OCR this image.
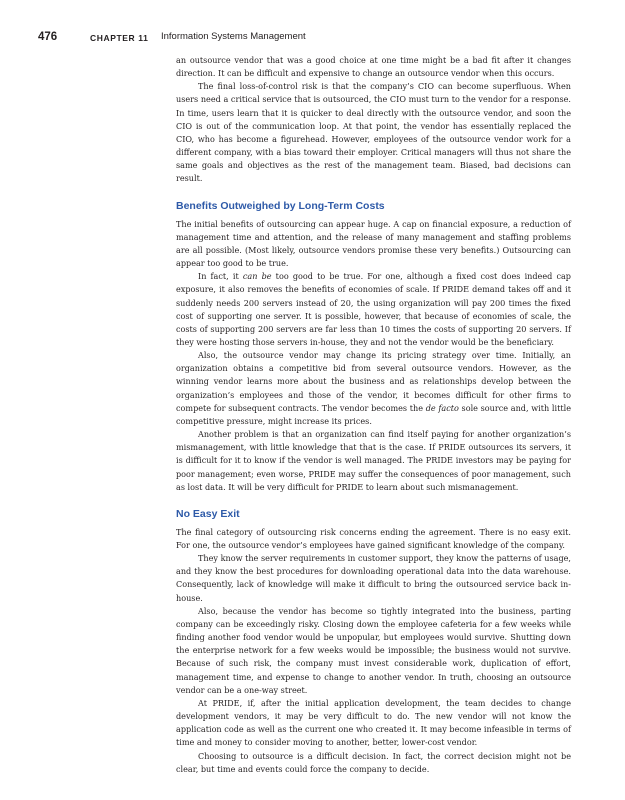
476	CHAPTER 11 Information Systems Management

an outsource vendor that was a good choice at one time might be a bad fit after it changes direction. It can be difficult and expensive to change an outsource vendor when this occurs.

The final loss-of-control risk is that the company’s CIO can become superfluous. When users need a critical service that is outsourced, the CIO must turn to the vendor for a response. In time, users learn that it is quicker to deal directly with the outsource vendor, and soon the CIO is out of the communication loop. At that point, the vendor has essentially replaced the CIO, who has become a figurehead. However, employees of the outsource vendor work for a different company, with a bias toward their employer. Critical managers will thus not share the same goals and objectives as the rest of the management team. Biased, bad decisions can result.

Benefits Outweighed by Long-Term Costs

The initial benefits of outsourcing can appear huge. A cap on financial exposure, a reduction of management time and attention, and the release of many management and staffing problems are all possible. (Most likely, outsource vendors promise these very benefits.) Outsourcing can appear too good to be true.

In fact, it can be too good to be true. For one, although a fixed cost does indeed cap exposure, it also removes the benefits of economies of scale. If PRIDE demand takes off and it suddenly needs 200 servers instead of 20, the using organization will pay 200 times the fixed cost of supporting one server. It is possible, however, that because of economies of scale, the costs of supporting 200 servers are far less than 10 times the costs of supporting 20 servers. If they were hosting those servers in-house, they and not the vendor would be the beneficiary.

Also, the outsource vendor may change its pricing strategy over time. Initially, an organization obtains a competitive bid from several outsource vendors. However, as the winning vendor learns more about the business and as relationships develop between the organization’s employees and those of the vendor, it becomes difficult for other firms to compete for subsequent contracts. The vendor becomes the de facto sole source and, with little competitive pressure, might increase its prices.

Another problem is that an organization can find itself paying for another organization’s mismanagement, with little knowledge that that is the case. If PRIDE outsources its servers, it is difficult for it to know if the vendor is well managed. The PRIDE investors may be paying for poor management; even worse, PRIDE may suffer the consequences of poor management, such as lost data. It will be very difficult for PRIDE to learn about such mismanagement.

No Easy Exit

The final category of outsourcing risk concerns ending the agreement. There is no easy exit. For one, the outsource vendor’s employees have gained significant knowledge of the company.

They know the server requirements in customer support, they know the patterns of usage, and they know the best procedures for downloading operational data into the data warehouse. Consequently, lack of knowledge will make it difficult to bring the outsourced service back in-house.

Also, because the vendor has become so tightly integrated into the business, parting company can be exceedingly risky. Closing down the employee cafeteria for a few weeks while finding another food vendor would be unpopular, but employees would survive. Shutting down the enterprise network for a few weeks would be impossible; the business would not survive. Because of such risk, the company must invest considerable work, duplication of effort, management time, and expense to change to another vendor. In truth, choosing an outsource vendor can be a one-way street.

At PRIDE, if, after the initial application development, the team decides to change development vendors, it may be very difficult to do. The new vendor will not know the application code as well as the current one who created it. It may become infeasible in terms of time and money to consider moving to another, better, lower-cost vendor.

Choosing to outsource is a difficult decision. In fact, the correct decision might not be clear, but time and events could force the company to decide.
